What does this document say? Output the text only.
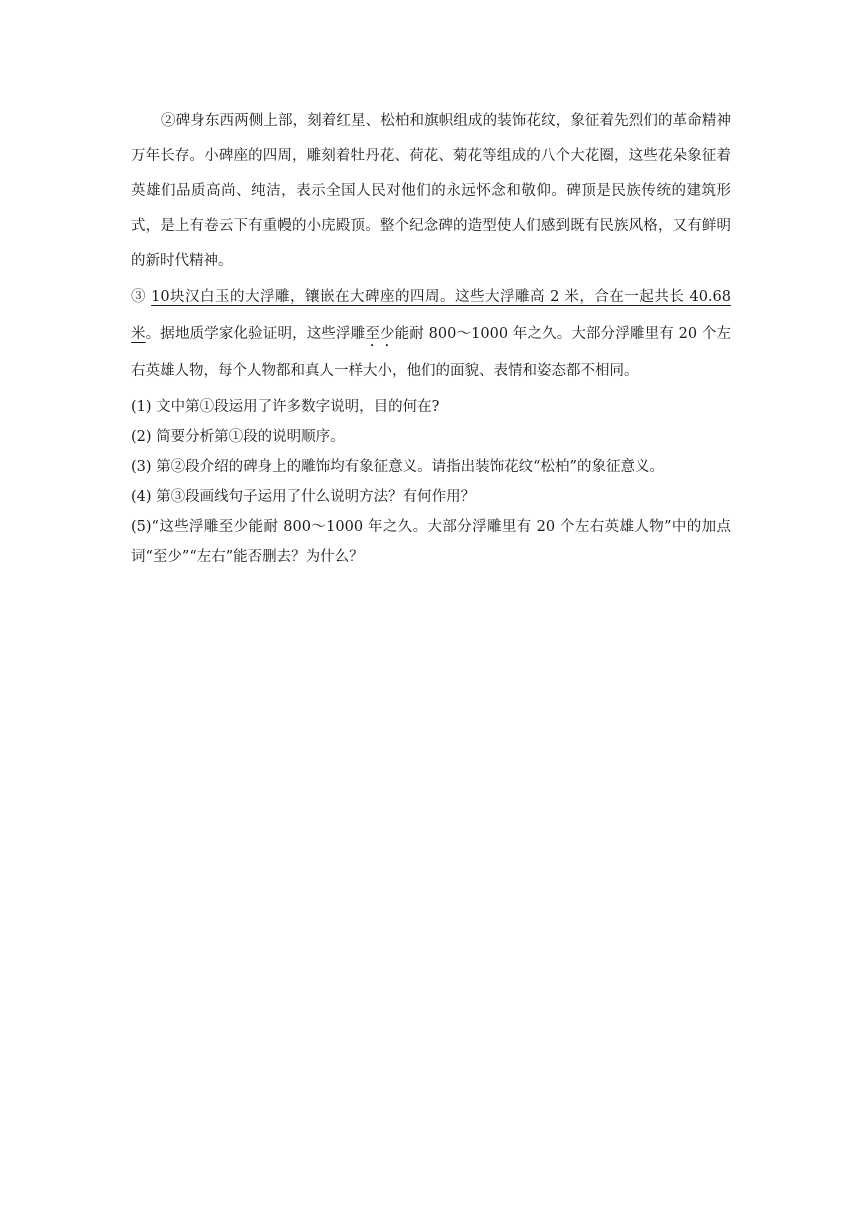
②碑身东西两侧上部，刻着红星、松柏和旗帜组成的装饰花纹，象征着先烈们的革命精神万年长存。小碑座的四周，雕刻着牡丹花、荷花、菊花等组成的八个大花圈，这些花朵象征着英雄们品质高尚、纯洁，表示全国人民对他们的永远怀念和敬仰。碑顶是民族传统的建筑形式，是上有卷云下有重幔的小庑殿顶。整个纪念碑的造型使人们感到既有民族风格，又有鲜明的新时代精神。

③ 10块汉白玉的大浮雕，镶嵌在大碑座的四周。这些大浮雕高 2 米，合在一起共长 40.68米。据地质学家化验证明，这些浮雕至少能耐 800～1000 年之久。大部分浮雕里有 20 个左右英雄人物，每个人物都和真人一样大小，他们的面貌、表情和姿态都不相同。

(1) 文中第①段运用了许多数字说明，目的何在?

(2) 简要分析第①段的说明顺序。

(3) 第②段介绍的碑身上的雕饰均有象征意义。请指出装饰花纹“松柏”的象征意义。

(4) 第③段画线句子运用了什么说明方法？有何作用？

(5)“这些浮雕至少能耐 800～1000 年之久。大部分浮雕里有 20 个左右英雄人物”中的加点词“至少”“左右”能否删去？为什么？
